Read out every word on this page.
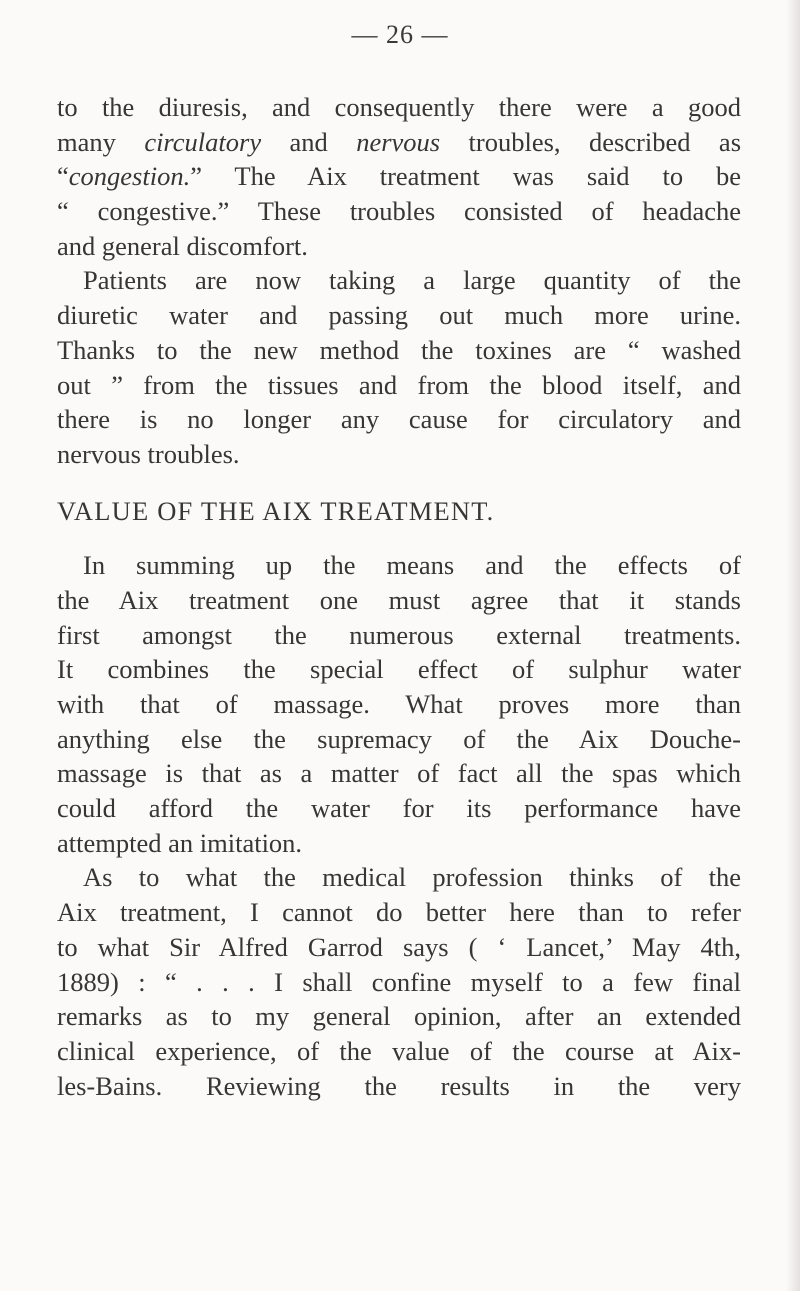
— 26 —
to the diuresis, and consequently there were a good
many circulatory and nervous troubles, described as
“congestion.” The Aix treatment was said to be
“ congestive.” These troubles consisted of headache
and general discomfort.
Patients are now taking a large quantity of the
diuretic water and passing out much more urine.
Thanks to the new method the toxines are “ washed
out ” from the tissues and from the blood itself, and
there is no longer any cause for circulatory and
nervous troubles.
VALUE OF THE AIX TREATMENT.
In summing up the means and the effects of
the Aix treatment one must agree that it stands
first amongst the numerous external treatments.
It combines the special effect of sulphur water
with that of massage. What proves more than
anything else the supremacy of the Aix Douche-
massage is that as a matter of fact all the spas which
could afford the water for its performance have
attempted an imitation.
As to what the medical profession thinks of the
Aix treatment, I cannot do better here than to refer
to what Sir Alfred Garrod says ( ‘ Lancet,’ May 4th,
1889) : “ . . . I shall confine myself to a few final
remarks as to my general opinion, after an extended
clinical experience, of the value of the course at Aix-
les-Bains. Reviewing the results in the very
